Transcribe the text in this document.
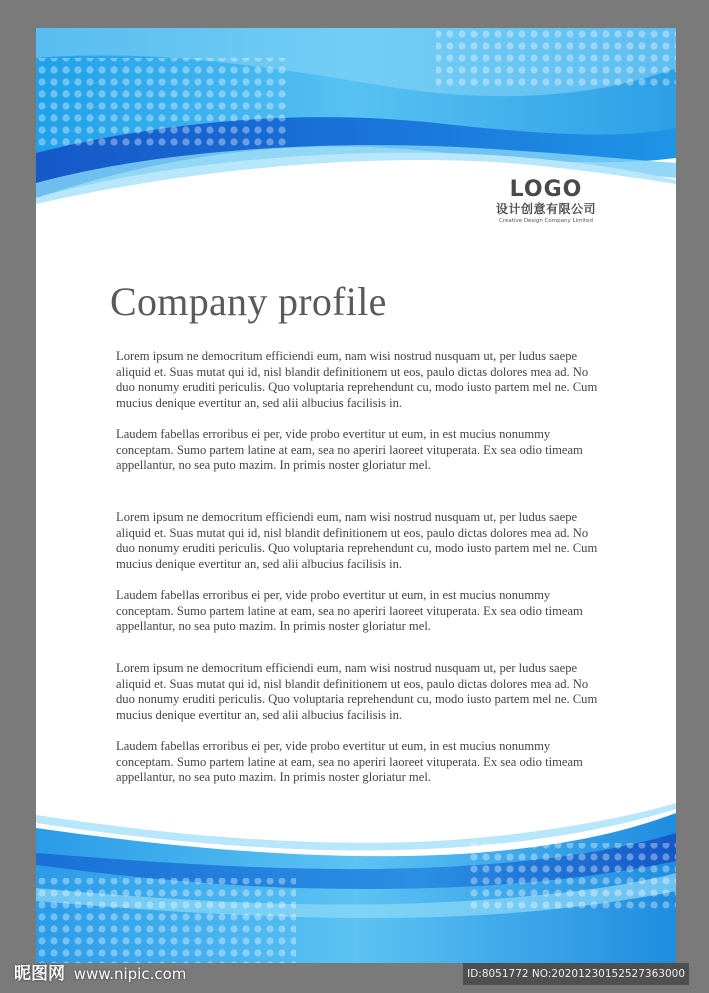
LOGO
设计创意有限公司
Creative Design Company Limited
Company profile

Lorem ipsum ne democritum efficiendi eum, nam wisi nostrud nusquam ut, per ludus saepe aliquid et. Suas mutat qui id, nisl blandit definitionem ut eos, paulo dictas dolores mea ad. No duo nonumy eruditi periculis. Quo voluptaria reprehendunt cu, modo iusto partem mel ne. Cum mucius denique evertitur an, sed alii albucius facilisis in.

Laudem fabellas erroribus ei per, vide probo evertitur ut eum, in est mucius nonummy conceptam. Sumo partem latine at eam, sea no aperiri laoreet vituperata. Ex sea odio timeam appellantur, no sea puto mazim. In primis noster gloriatur mel.

Lorem ipsum ne democritum efficiendi eum, nam wisi nostrud nusquam ut, per ludus saepe aliquid et. Suas mutat qui id, nisl blandit definitionem ut eos, paulo dictas dolores mea ad. No duo nonumy eruditi periculis. Quo voluptaria reprehendunt cu, modo iusto partem mel ne. Cum mucius denique evertitur an, sed alii albucius facilisis in.

Laudem fabellas erroribus ei per, vide probo evertitur ut eum, in est mucius nonummy conceptam. Sumo partem latine at eam, sea no aperiri laoreet vituperata. Ex sea odio timeam appellantur, no sea puto mazim. In primis noster gloriatur mel.

Lorem ipsum ne democritum efficiendi eum, nam wisi nostrud nusquam ut, per ludus saepe aliquid et. Suas mutat qui id, nisl blandit definitionem ut eos, paulo dictas dolores mea ad. No duo nonumy eruditi periculis. Quo voluptaria reprehendunt cu, modo iusto partem mel ne. Cum mucius denique evertitur an, sed alii albucius facilisis in.

Laudem fabellas erroribus ei per, vide probo evertitur ut eum, in est mucius nonummy conceptam. Sumo partem latine at eam, sea no aperiri laoreet vituperata. Ex sea odio timeam appellantur, no sea puto mazim. In primis noster gloriatur mel.

昵图网 www.nipic.com	ID:8051772 NO:20201230152527363000
